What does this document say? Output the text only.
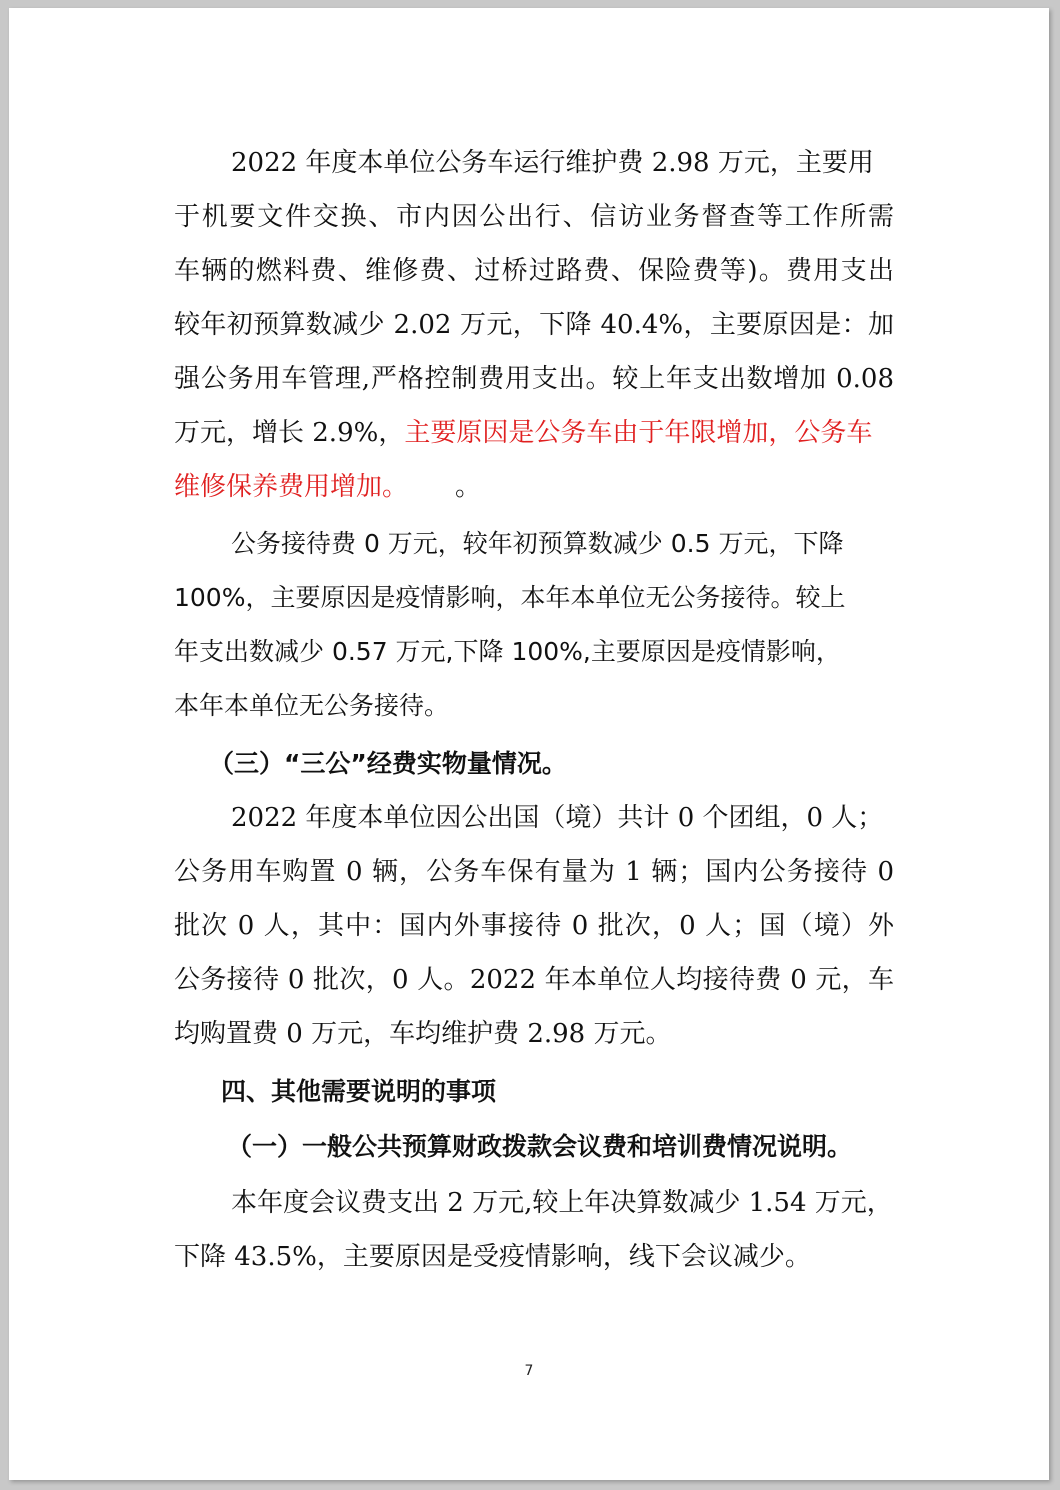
2022 年度本单位公务车运行维护费 2.98 万元，主要用
于机要文件交换、市内因公出行、信访业务督查等工作所需
车辆的燃料费、维修费、过桥过路费、保险费等)。费用支出
较年初预算数减少 2.02 万元，下降 40.4%，主要原因是：加
强公务用车管理,严格控制费用支出。较上年支出数增加 0.08
万元，增长 2.9%，主要原因是公务车由于年限增加，公务车
维修保养费用增加。 。
公务接待费 0 万元，较年初预算数减少 0.5 万元，下降
100%，主要原因是疫情影响，本年本单位无公务接待。较上
年支出数减少 0.57 万元,下降 100%,主要原因是疫情影响，
本年本单位无公务接待。
（三）“三公”经费实物量情况。
2022 年度本单位因公出国（境）共计 0 个团组，0 人；
公务用车购置 0 辆，公务车保有量为 1 辆；国内公务接待 0
批次 0 人，其中：国内外事接待 0 批次，0 人；国（境）外
公务接待 0 批次，0 人。2022 年本单位人均接待费 0 元，车
均购置费 0 万元，车均维护费 2.98 万元。
四、其他需要说明的事项
（一）一般公共预算财政拨款会议费和培训费情况说明。
本年度会议费支出 2 万元,较上年决算数减少 1.54 万元，
下降 43.5%，主要原因是受疫情影响，线下会议减少。
7
